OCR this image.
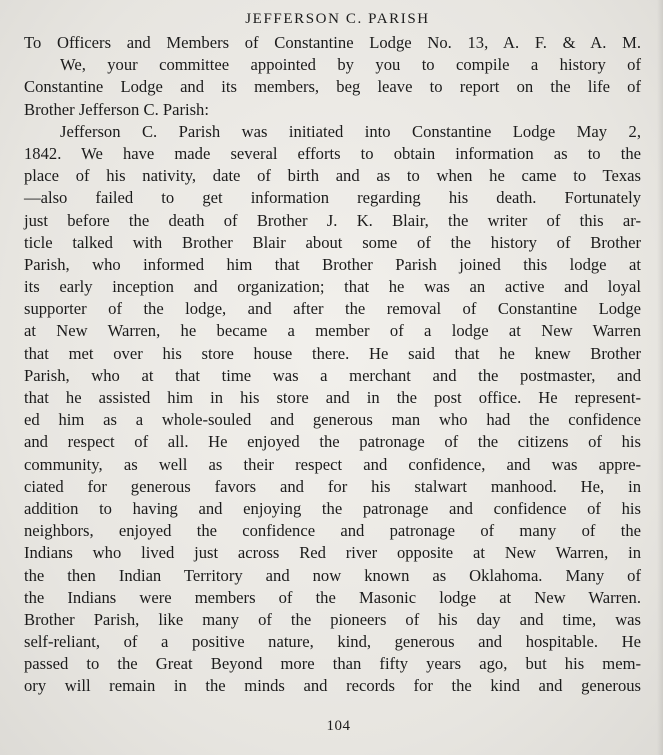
JEFFERSON C. PARISH
To Officers and Members of Constantine Lodge No. 13, A. F. & A. M.
We, your committee appointed by you to compile a history of
Constantine Lodge and its members, beg leave to report on the life of
Brother Jefferson C. Parish:
Jefferson C. Parish was initiated into Constantine Lodge May 2,
1842. We have made several efforts to obtain information as to the
place of his nativity, date of birth and as to when he came to Texas
—also failed to get information regarding his death. Fortunately
just before the death of Brother J. K. Blair, the writer of this ar-
ticle talked with Brother Blair about some of the history of Brother
Parish, who informed him that Brother Parish joined this lodge at
its early inception and organization; that he was an active and loyal
supporter of the lodge, and after the removal of Constantine Lodge
at New Warren, he became a member of a lodge at New Warren
that met over his store house there. He said that he knew Brother
Parish, who at that time was a merchant and the postmaster, and
that he assisted him in his store and in the post office. He represent-
ed him as a whole-souled and generous man who had the confidence
and respect of all. He enjoyed the patronage of the citizens of his
community, as well as their respect and confidence, and was appre-
ciated for generous favors and for his stalwart manhood. He, in
addition to having and enjoying the patronage and confidence of his
neighbors, enjoyed the confidence and patronage of many of the
Indians who lived just across Red river opposite at New Warren, in
the then Indian Territory and now known as Oklahoma. Many of
the Indians were members of the Masonic lodge at New Warren.
Brother Parish, like many of the pioneers of his day and time, was
self-reliant, of a positive nature, kind, generous and hospitable. He
passed to the Great Beyond more than fifty years ago, but his mem-
ory will remain in the minds and records for the kind and generous
104
